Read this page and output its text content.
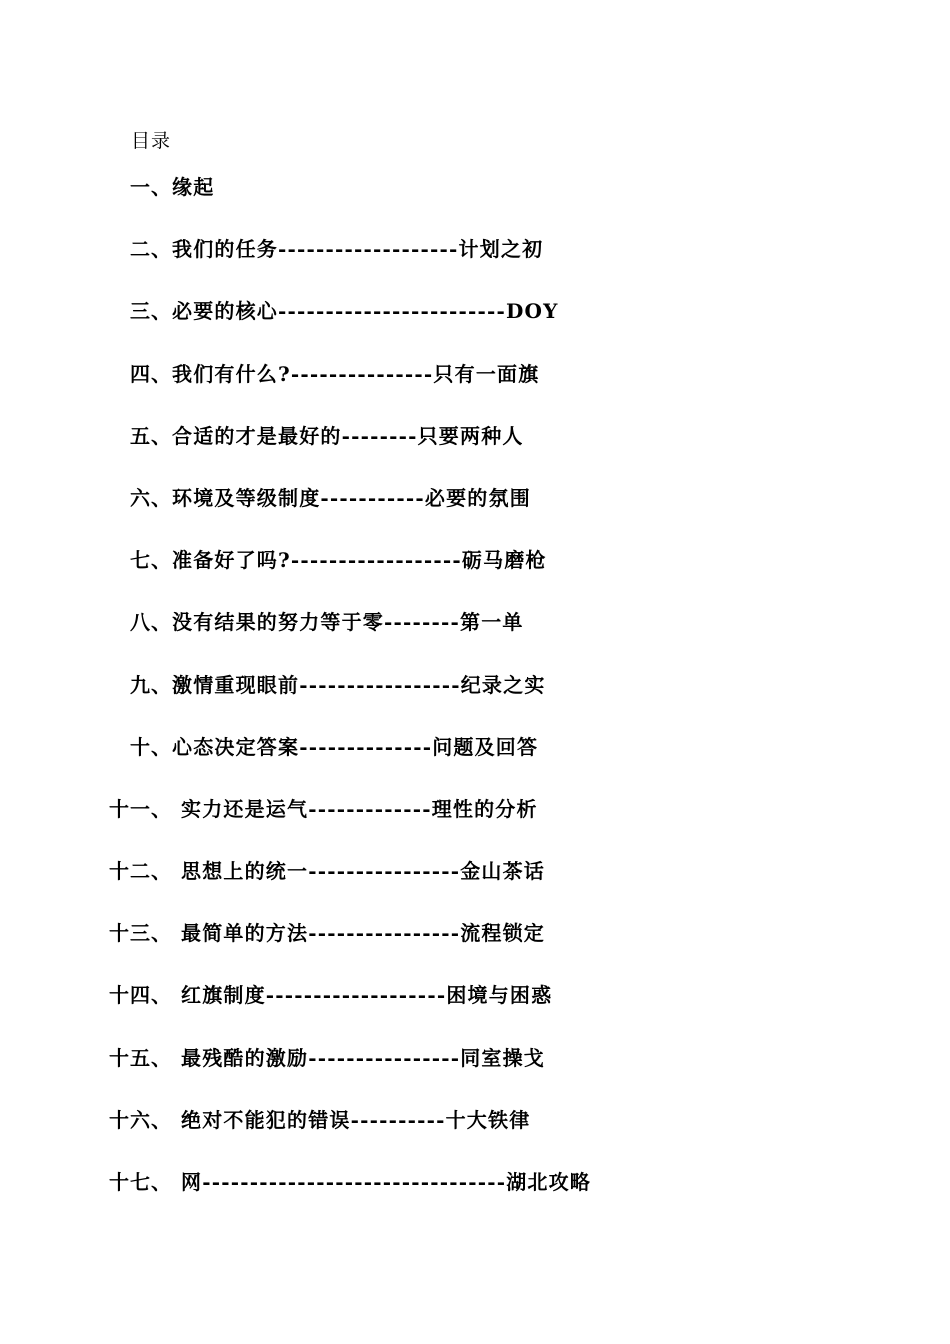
目录
一、 缘起
二、 我们的任务-------------------计划之初
三、 必要的核心------------------------DOY
四、 我们有什么?---------------只有一面旗
五、 合适的才是最好的--------只要两种人
六、 环境及等级制度-----------必要的氛围
七、 准备好了吗?------------------砺马磨枪
八、 没有结果的努力等于零--------第一单
九、 激情重现眼前-----------------纪录之实
十、 心态决定答案--------------问题及回答
十一、 实力还是运气-------------理性的分析
十二、 思想上的统一----------------金山茶话
十三、 最简单的方法----------------流程锁定
十四、 红旗制度-------------------困境与困惑
十五、 最残酷的激励----------------同室操戈
十六、 绝对不能犯的错误----------十大铁律
十七、 网--------------------------------湖北攻略
